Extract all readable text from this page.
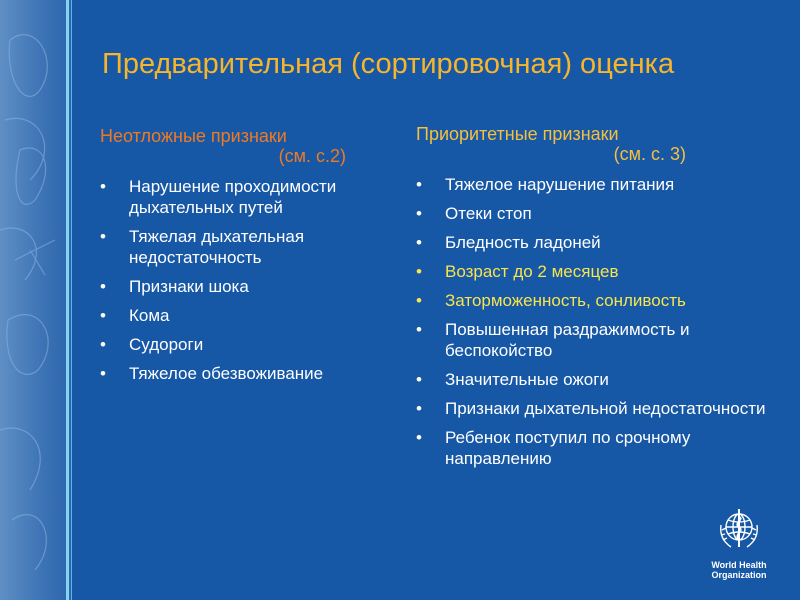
Предварительная (сортировочная) оценка

Неотложные признаки
(см. с.2)

•	Нарушение проходимости дыхательных путей
•	Тяжелая дыхательная недостаточность
•	Признаки шока
•	Кома
•	Судороги
•	Тяжелое обезвоживание

Приоритетные признаки
(см. с. 3)

•	Тяжелое нарушение питания
•	Отеки стоп
•	Бледность ладоней
•	Возраст до 2 месяцев
•	Заторможенность, сонливость
•	Повышенная раздражимость и беспокойство
•	Значительные ожоги
•	Признаки дыхательной недостаточности
•	Ребенок поступил по срочному направлению
World Health
Organization
